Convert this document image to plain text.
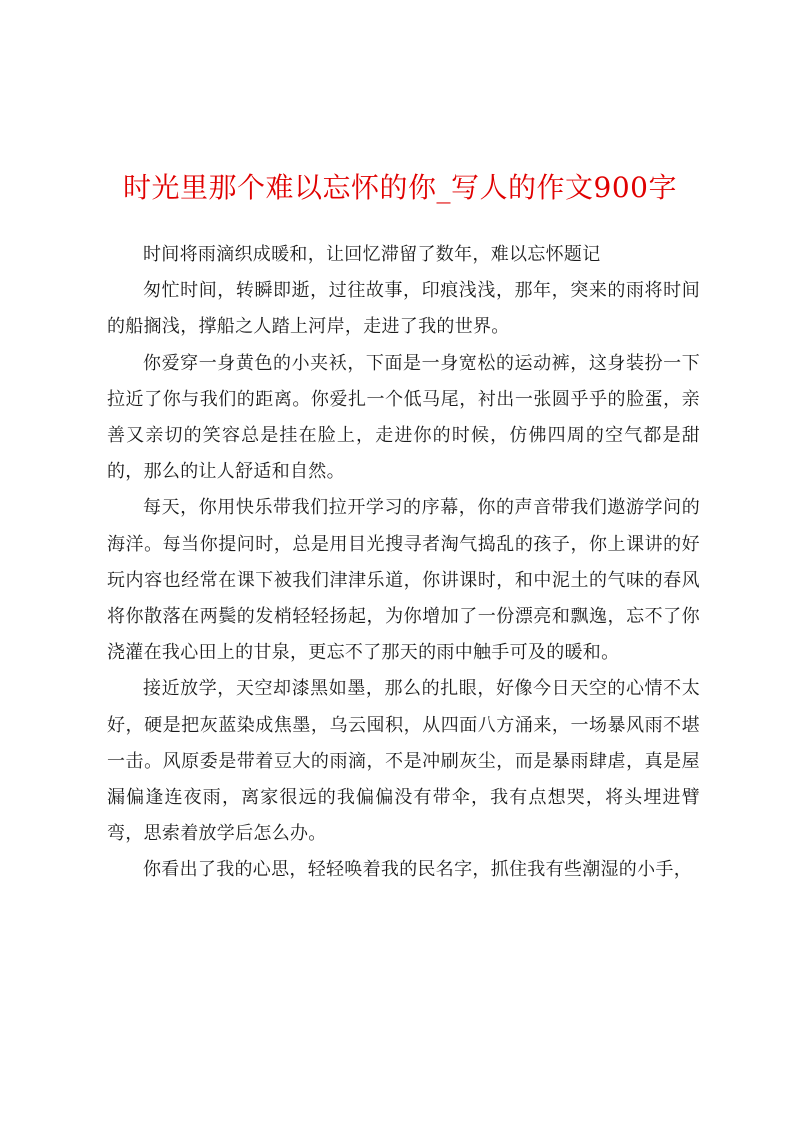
时光里那个难以忘怀的你_写人的作文900字

时间将雨滴织成暖和，让回忆滞留了数年，难以忘怀题记

匆忙时间，转瞬即逝，过往故事，印痕浅浅，那年，突来的雨将时间的船搁浅，撑船之人踏上河岸，走进了我的世界。

你爱穿一身黄色的小夹袄，下面是一身宽松的运动裤，这身装扮一下拉近了你与我们的距离。你爱扎一个低马尾，衬出一张圆乎乎的脸蛋，亲善又亲切的笑容总是挂在脸上，走进你的时候，仿佛四周的空气都是甜的，那么的让人舒适和自然。

每天，你用快乐带我们拉开学习的序幕，你的声音带我们遨游学问的海洋。每当你提问时，总是用目光搜寻者淘气捣乱的孩子，你上课讲的好玩内容也经常在课下被我们津津乐道，你讲课时，和中泥土的气味的春风将你散落在两鬓的发梢轻轻扬起，为你增加了一份漂亮和飘逸，忘不了你浇灌在我心田上的甘泉，更忘不了那天的雨中触手可及的暖和。

接近放学，天空却漆黑如墨，那么的扎眼，好像今日天空的心情不太好，硬是把灰蓝染成焦墨，乌云囤积，从四面八方涌来，一场暴风雨不堪一击。风原委是带着豆大的雨滴，不是冲刷灰尘，而是暴雨肆虐，真是屋漏偏逢连夜雨，离家很远的我偏偏没有带伞，我有点想哭，将头埋进臂弯，思索着放学后怎么办。

你看出了我的心思，轻轻唤着我的民名字，抓住我有些潮湿的小手，
